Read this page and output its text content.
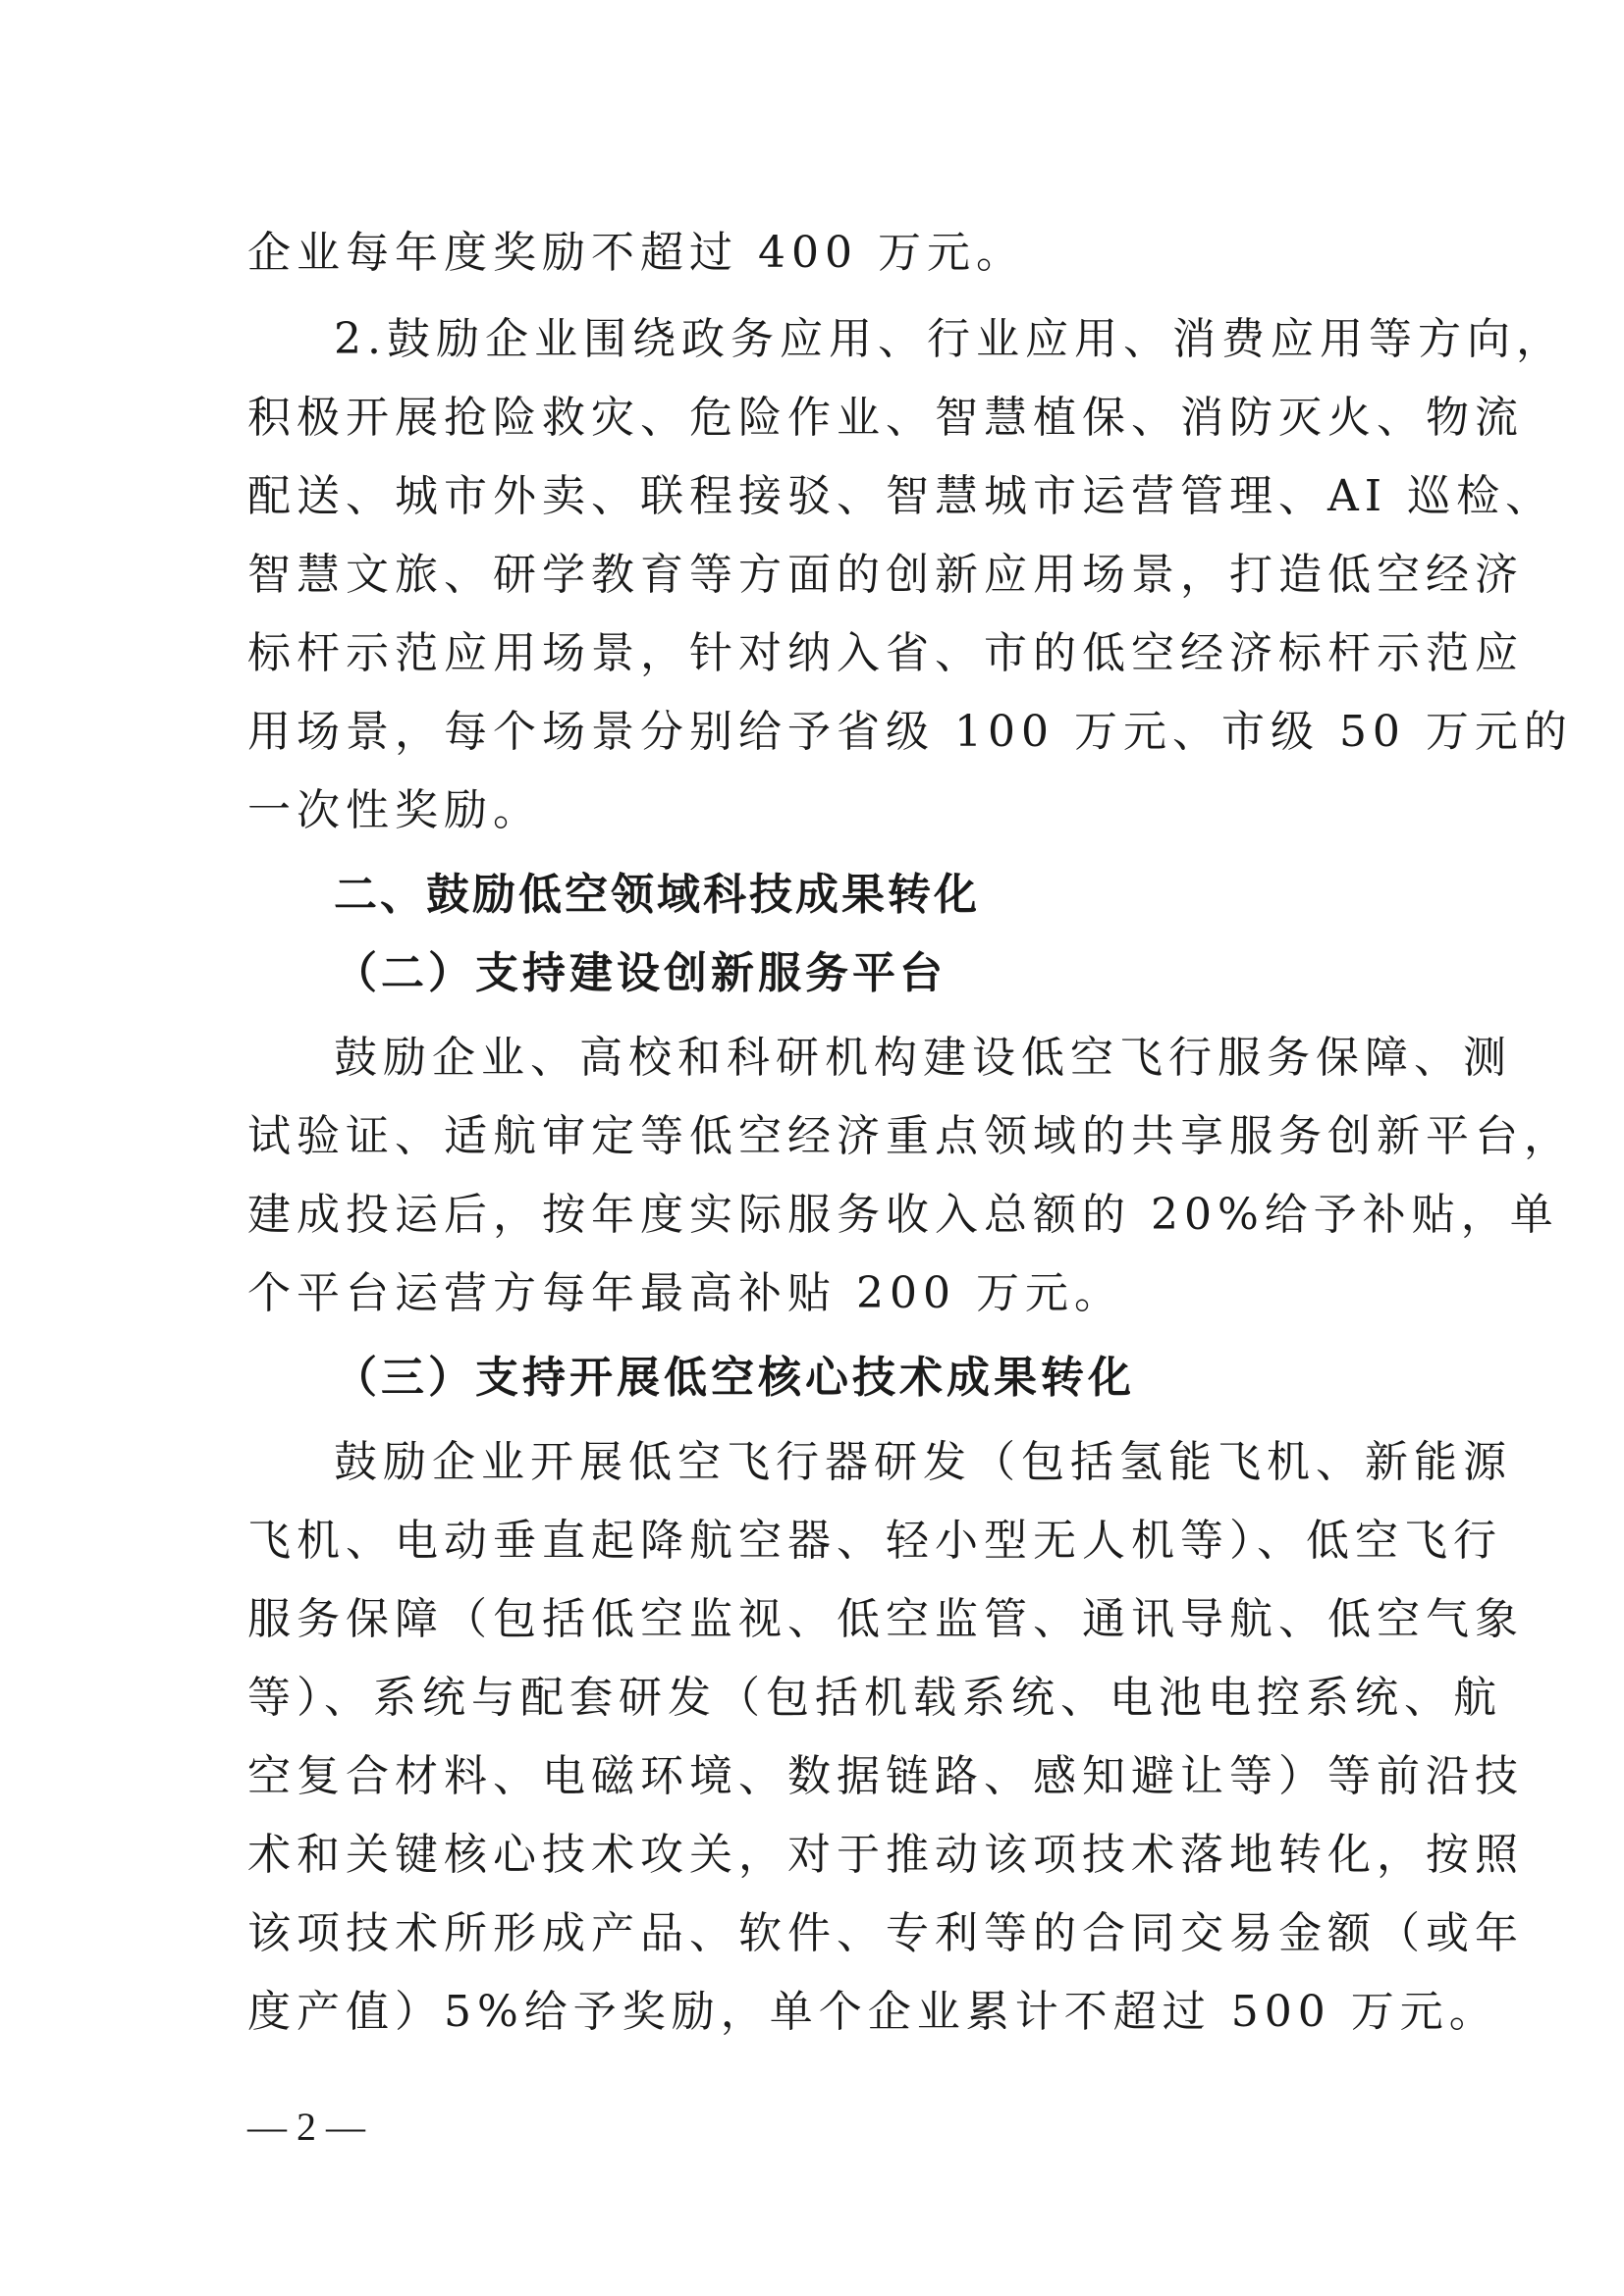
企业每年度奖励不超过 400 万元。
2.鼓励企业围绕政务应用、行业应用、消费应用等方向，
积极开展抢险救灾、危险作业、智慧植保、消防灭火、物流
配送、城市外卖、联程接驳、智慧城市运营管理、AI 巡检、
智慧文旅、研学教育等方面的创新应用场景，打造低空经济
标杆示范应用场景，针对纳入省、市的低空经济标杆示范应
用场景，每个场景分别给予省级 100 万元、市级 50 万元的
一次性奖励。
二、鼓励低空领域科技成果转化
（二）支持建设创新服务平台
鼓励企业、高校和科研机构建设低空飞行服务保障、测
试验证、适航审定等低空经济重点领域的共享服务创新平台，
建成投运后，按年度实际服务收入总额的 20%给予补贴，单
个平台运营方每年最高补贴 200 万元。
（三）支持开展低空核心技术成果转化
鼓励企业开展低空飞行器研发（包括氢能飞机、新能源
飞机、电动垂直起降航空器、轻小型无人机等）、低空飞行
服务保障（包括低空监视、低空监管、通讯导航、低空气象
等）、系统与配套研发（包括机载系统、电池电控系统、航
空复合材料、电磁环境、数据链路、感知避让等）等前沿技
术和关键核心技术攻关，对于推动该项技术落地转化，按照
该项技术所形成产品、软件、专利等的合同交易金额（或年
度产值）5%给予奖励，单个企业累计不超过 500 万元。
— 2 —
